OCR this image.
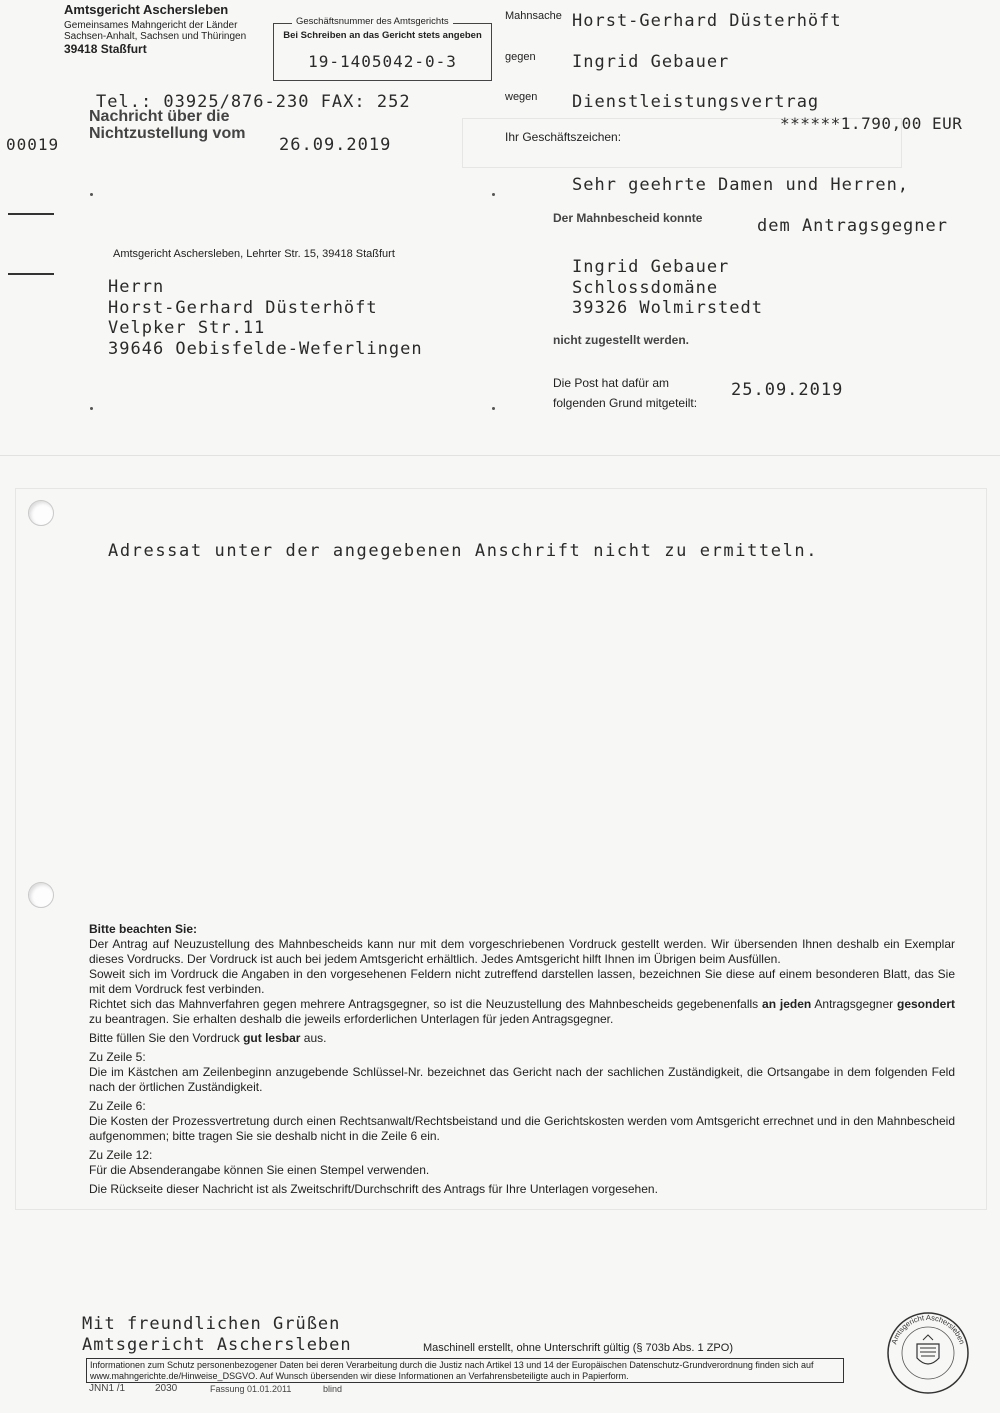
Amtsgericht Aschersleben
Gemeinsames Mahngericht der Länder
Sachsen-Anhalt, Sachsen und Thüringen
39418 Staßfurt
Tel.: 03925/876-230 FAX: 252
Geschäftsnummer des Amtsgerichts
Bei Schreiben an das Gericht stets angeben
19-1405042-0-3
Mahnsache Horst-Gerhard Düsterhöft
gegen Ingrid Gebauer
wegen Dienstleistungsvertrag
******1.790,00 EUR
Ihr Geschäftszeichen:
00019
Nachricht über die
Nichtzustellung vom
26.09.2019
Amtsgericht Aschersleben, Lehrter Str. 15, 39418 Staßfurt
Herrn
Horst-Gerhard Düsterhöft
Velpker Str.11
39646 Oebisfelde-Weferlingen
Sehr geehrte Damen und Herren,
Der Mahnbescheid konnte	dem Antragsgegner
Ingrid Gebauer
Schlossdomäne
39326 Wolmirstedt
nicht zugestellt werden.
Die Post hat dafür am
folgenden Grund mitgeteilt:
25.09.2019
Adressat unter der angegebenen Anschrift nicht zu ermitteln.

Bitte beachten Sie:

Der Antrag auf Neuzustellung des Mahnbescheids kann nur mit dem vorgeschriebenen Vordruck gestellt werden. Wir übersenden Ihnen deshalb ein Exemplar dieses Vordrucks. Der Vordruck ist auch bei jedem Amtsgericht erhältlich. Jedes Amtsgericht hilft Ihnen im Übrigen beim Ausfüllen.

Soweit sich im Vordruck die Angaben in den vorgesehenen Feldern nicht zutreffend darstellen lassen, bezeichnen Sie diese auf einem besonderen Blatt, das Sie mit dem Vordruck fest verbinden.

Richtet sich das Mahnverfahren gegen mehrere Antragsgegner, so ist die Neuzustellung des Mahnbescheids gegebenenfalls an jeden Antragsgegner gesondert zu beantragen. Sie erhalten deshalb die jeweils erforderlichen Unterlagen für jeden Antragsgegner.

Bitte füllen Sie den Vordruck gut lesbar aus.

Zu Zeile 5:

Die im Kästchen am Zeilenbeginn anzugebende Schlüssel-Nr. bezeichnet das Gericht nach der sachlichen Zuständigkeit, die Ortsangabe in dem folgenden Feld nach der örtlichen Zuständigkeit.

Zu Zeile 6:

Die Kosten der Prozessvertretung durch einen Rechtsanwalt/Rechtsbeistand und die Gerichtskosten werden vom Amtsgericht errechnet und in den Mahnbescheid aufgenommen; bitte tragen Sie sie deshalb nicht in die Zeile 6 ein.

Zu Zeile 12:

Für die Absenderangabe können Sie einen Stempel verwenden.

Die Rückseite dieser Nachricht ist als Zweitschrift/Durchschrift des Antrags für Ihre Unterlagen vorgesehen.

Mit freundlichen Grüßen
Amtsgericht Aschersleben	Maschinell erstellt, ohne Unterschrift gültig (§ 703b Abs. 1 ZPO)
Informationen zum Schutz personenbezogener Daten bei deren Verarbeitung durch die Justiz nach Artikel 13 und 14 der Europäischen Datenschutz-Grundverordnung finden sich auf www.mahngerichte.de/Hinweise_DSGVO. Auf Wunsch übersenden wir diese Informationen an Verfahrensbeteiligte auch in Papierform.
JNN1 /1	2030	Fassung 01.01.2011	blind
Amtsgericht Aschersleben
